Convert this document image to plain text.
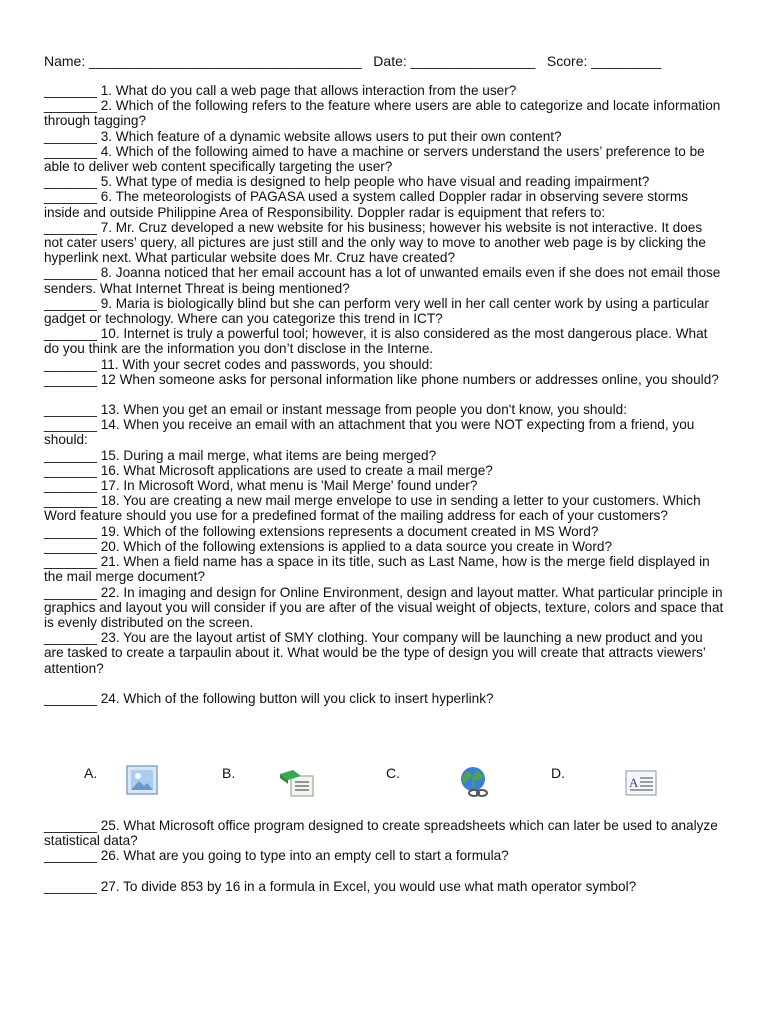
Name: ___________________________________   Date: ________________   Score: _________

_______ 1. What do you call a web page that allows interaction from the user?

_______ 2. Which of the following refers to the feature where users are able to categorize and locate information through tagging?

_______ 3. Which feature of a dynamic website allows users to put their own content?

_______ 4. Which of the following aimed to have a machine or servers understand the users’ preference to be able to deliver web content specifically targeting the user?

_______ 5. What type of media is designed to help people who have visual and reading impairment?

_______ 6. The meteorologists of PAGASA used a system called Doppler radar in observing severe storms inside and outside Philippine Area of Responsibility. Doppler radar is equipment that refers to:

_______ 7. Mr. Cruz developed a new website for his business; however his website is not interactive. It does not cater users’ query, all pictures are just still and the only way to move to another web page is by clicking the hyperlink next. What particular website does Mr. Cruz have created?

_______ 8. Joanna noticed that her email account has a lot of unwanted emails even if she does not email those senders. What Internet Threat is being mentioned?

_______ 9. Maria is biologically blind but she can perform very well in her call center work by using a particular gadget or technology. Where can you categorize this trend in ICT?

_______ 10. Internet is truly a powerful tool; however, it is also considered as the most dangerous place. What do you think are the information you don’t disclose in the Interne.

_______ 11. With your secret codes and passwords, you should:

_______ 12 When someone asks for personal information like phone numbers or addresses online, you should?

_______ 13. When you get an email or instant message from people you don't know, you should:

_______ 14. When you receive an email with an attachment that you were NOT expecting from a friend, you should:

_______ 15. During a mail merge, what items are being merged?

_______ 16. What Microsoft applications are used to create a mail merge?

_______ 17. In Microsoft Word, what menu is 'Mail Merge' found under?

_______ 18. You are creating a new mail merge envelope to use in sending a letter to your customers. Which Word feature should you use for a predefined format of the mailing address for each of your customers?

_______ 19. Which of the following extensions represents a document created in MS Word?

_______ 20. Which of the following extensions is applied to a data source you create in Word?

_______ 21. When a field name has a space in its title, such as Last Name, how is the merge field displayed in the mail merge document?

_______ 22. In imaging and design for Online Environment, design and layout matter. What particular principle in graphics and layout you will consider if you are after of the visual weight of objects, texture, colors and space that is evenly distributed on the screen.

_______ 23. You are the layout artist of SMY clothing. Your company will be launching a new product and you are tasked to create a tarpaulin about it. What would be the type of design you will create that attracts viewers’ attention?

_______ 24. Which of the following button will you click to insert hyperlink?

A.	B.	C.	D.
A

_______ 25. What Microsoft office program designed to create spreadsheets which can later be used to analyze statistical data?

_______ 26. What are you going to type into an empty cell to start a formula?

_______ 27. To divide 853 by 16 in a formula in Excel, you would use what math operator symbol?
